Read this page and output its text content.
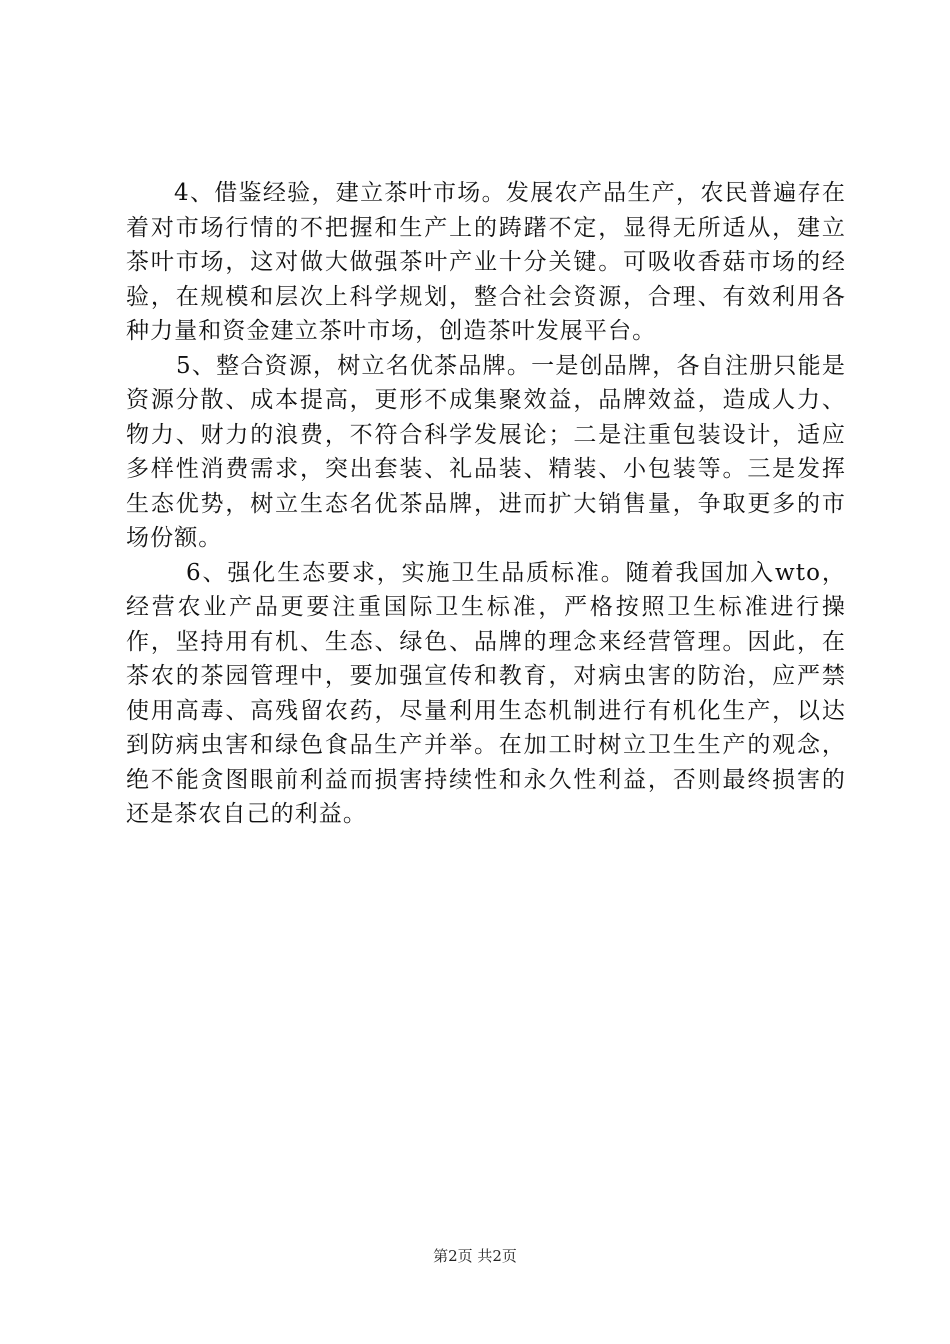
4、借鉴经验，建立茶叶市场。发展农产品生产，农民普遍存在着对市场行情的不把握和生产上的踌躇不定，显得无所适从，建立茶叶市场，这对做大做强茶叶产业十分关键。可吸收香菇市场的经验，在规模和层次上科学规划，整合社会资源，合理、有效利用各种力量和资金建立茶叶市场，创造茶叶发展平台。

5、整合资源，树立名优茶品牌。一是创品牌，各自注册只能是资源分散、成本提高，更形不成集聚效益，品牌效益，造成人力、物力、财力的浪费，不符合科学发展论；二是注重包装设计，适应多样性消费需求，突出套装、礼品装、精装、小包装等。三是发挥生态优势，树立生态名优茶品牌，进而扩大销售量，争取更多的市场份额。

6、强化生态要求，实施卫生品质标准。随着我国加入wto，经营农业产品更要注重国际卫生标准，严格按照卫生标准进行操作，坚持用有机、生态、绿色、品牌的理念来经营管理。因此，在茶农的茶园管理中，要加强宣传和教育，对病虫害的防治，应严禁使用高毒、高残留农药，尽量利用生态机制进行有机化生产，以达到防病虫害和绿色食品生产并举。在加工时树立卫生生产的观念，绝不能贪图眼前利益而损害持续性和永久性利益，否则最终损害的还是茶农自己的利益。

第2页 共2页
